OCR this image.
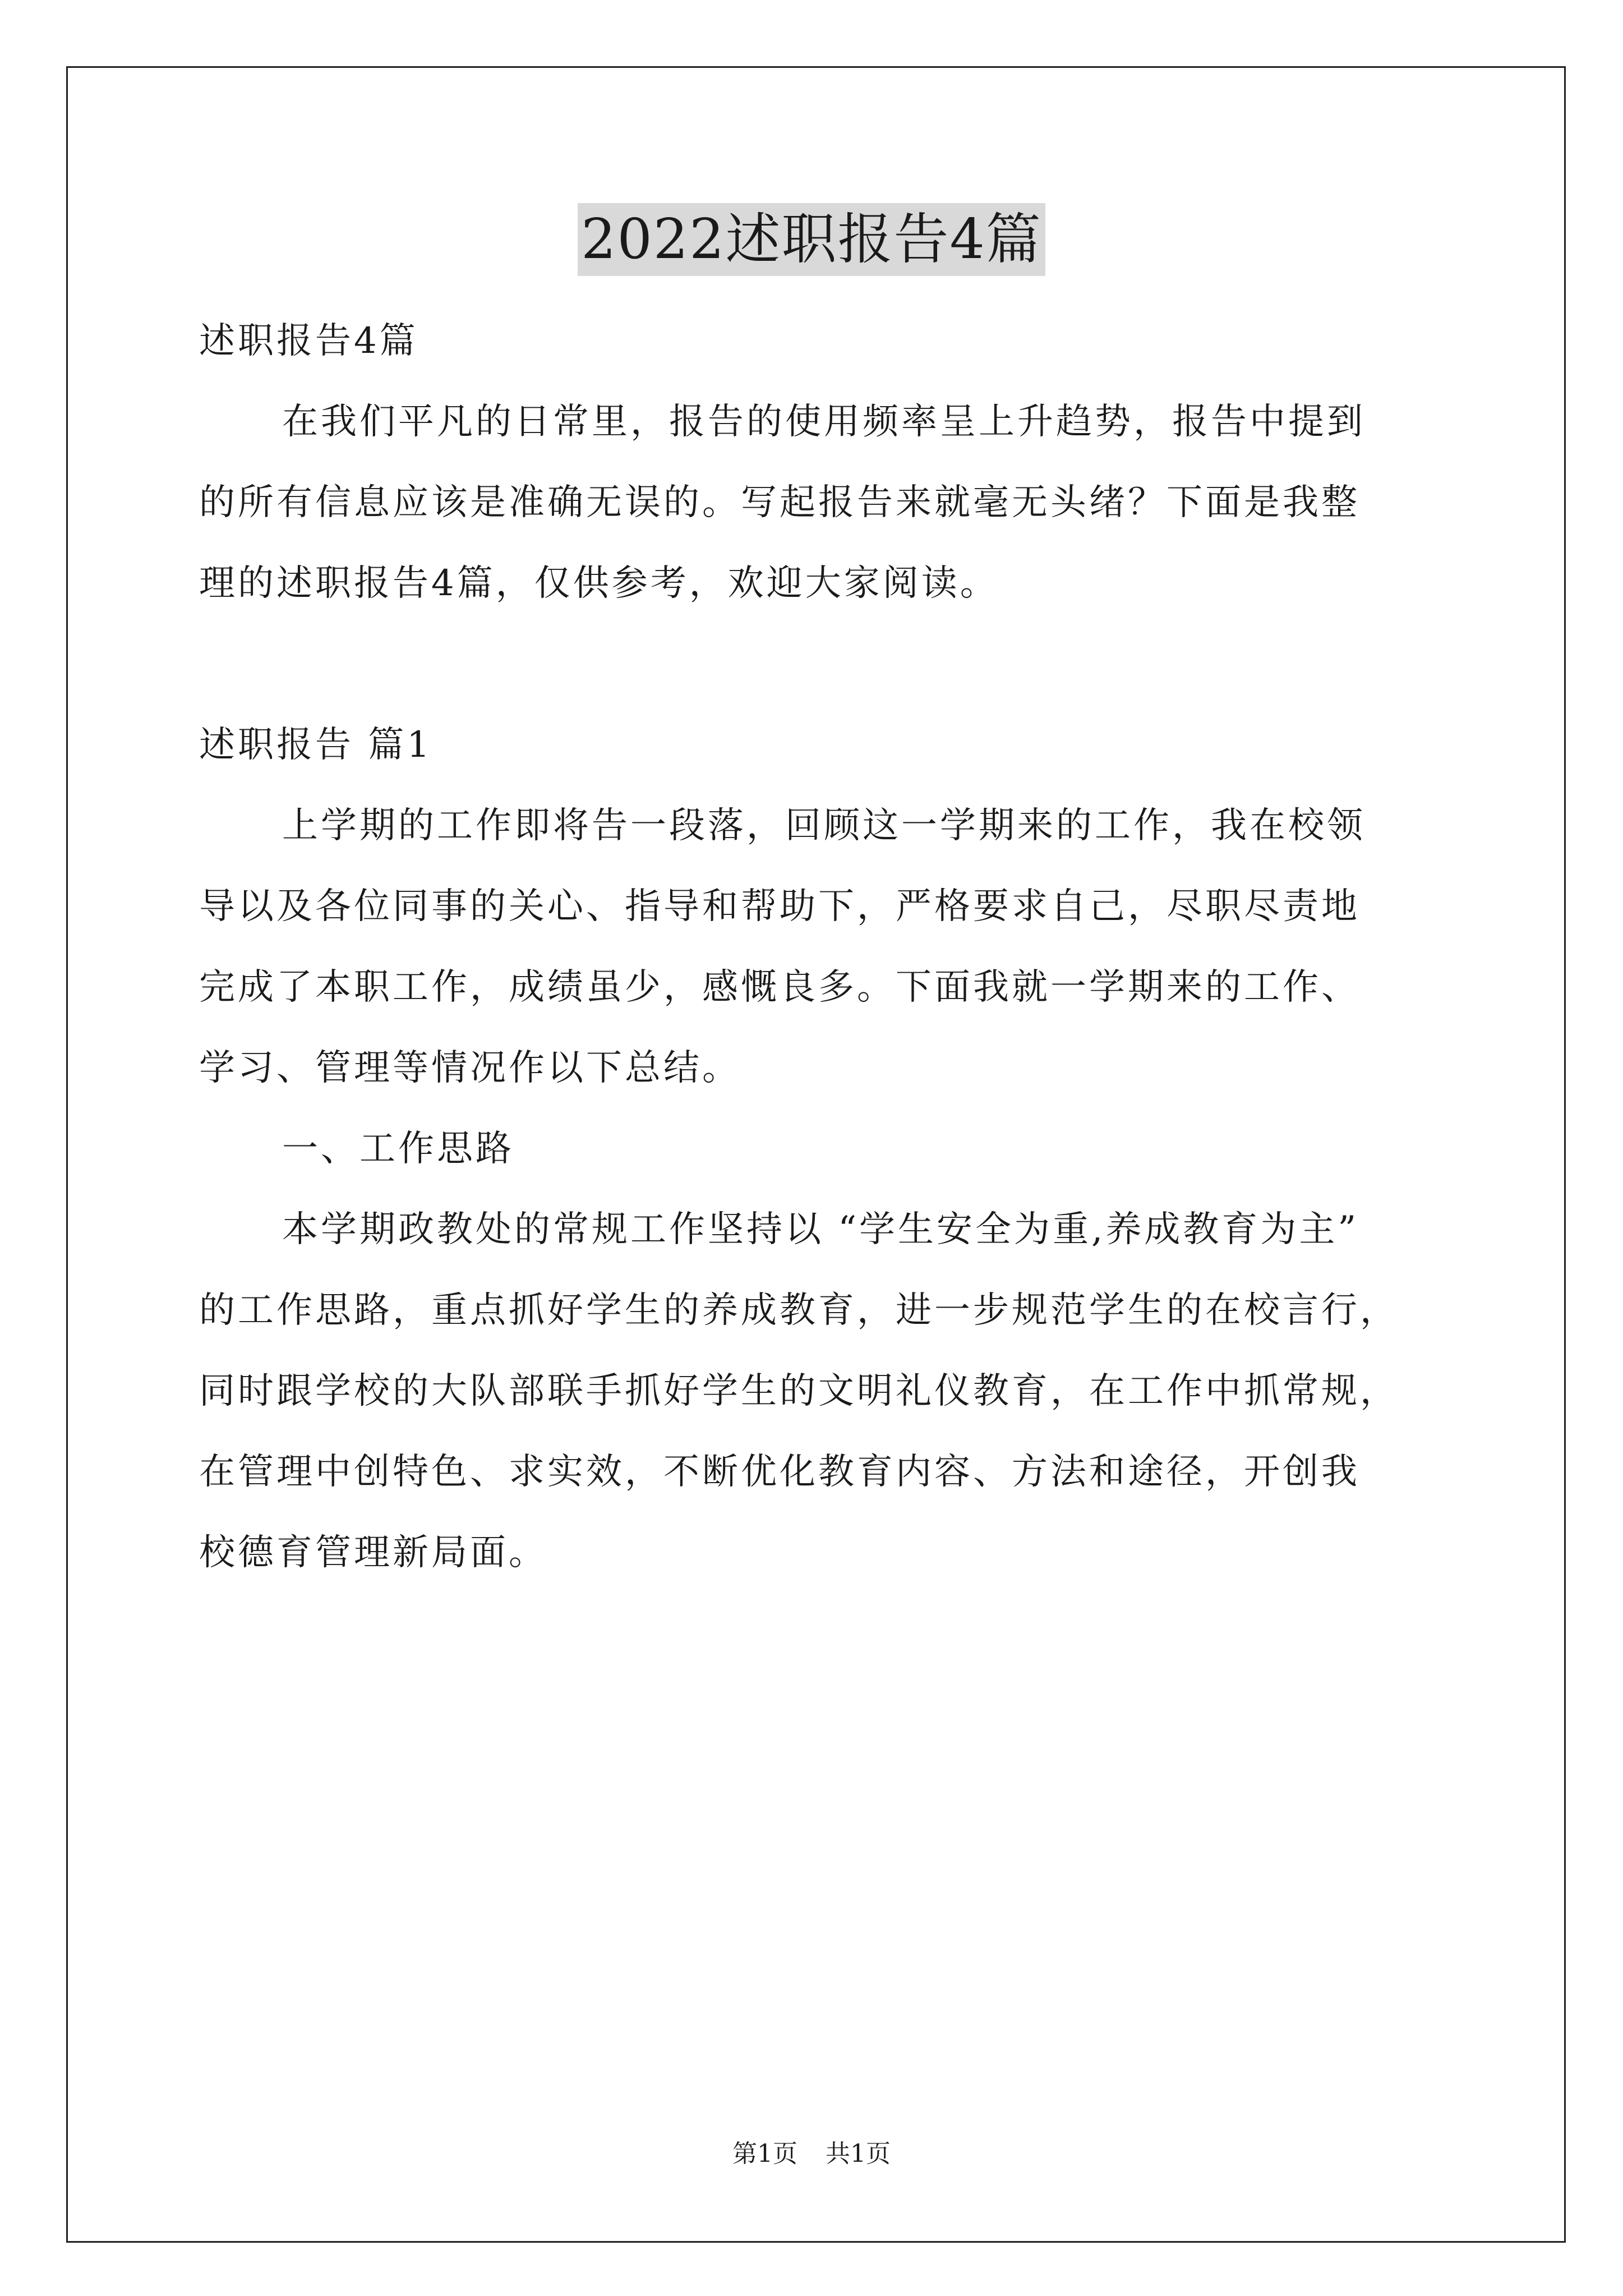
2022述职报告4篇
述职报告4篇
在我们平凡的日常里，报告的使用频率呈上升趋势，报告中提到
的所有信息应该是准确无误的。写起报告来就毫无头绪？下面是我整
理的述职报告4篇，仅供参考，欢迎大家阅读。
述职报告 篇1
上学期的工作即将告一段落，回顾这一学期来的工作，我在校领
导以及各位同事的关心、指导和帮助下，严格要求自己，尽职尽责地
完成了本职工作，成绩虽少，感慨良多。下面我就一学期来的工作、
学习、管理等情况作以下总结。
一、工作思路
本学期政教处的常规工作坚持以 “学生安全为重,养成教育为主”
的工作思路，重点抓好学生的养成教育，进一步规范学生的在校言行，
同时跟学校的大队部联手抓好学生的文明礼仪教育，在工作中抓常规，
在管理中创特色、求实效，不断优化教育内容、方法和途径，开创我
校德育管理新局面。
第1页 共1页
